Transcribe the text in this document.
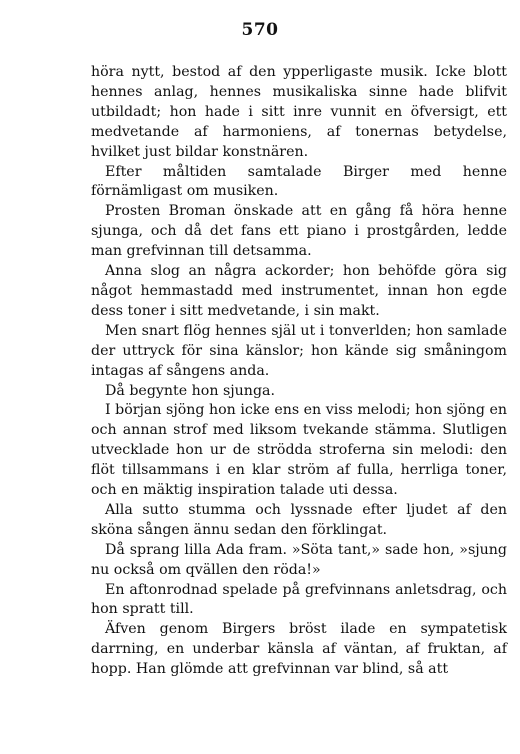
570

höra nytt, bestod af den ypperligaste musik. Icke blott hennes anlag, hennes musikaliska sinne hade blifvit utbildadt; hon hade i sitt inre vunnit en öfversigt, ett medvetande af harmoniens, af tonernas betydelse, hvilket just bildar konstnären.

Efter måltiden samtalade Birger med henne förnämligast om musiken.

Prosten Broman önskade att en gång få höra henne sjunga, och då det fans ett piano i prostgården, ledde man grefvinnan till detsamma.

Anna slog an några ackorder; hon behöfde göra sig något hemmastadd med instrumentet, innan hon egde dess toner i sitt medvetande, i sin makt.

Men snart flög hennes själ ut i tonverlden; hon samlade der uttryck för sina känslor; hon kände sig småningom intagas af sångens anda.

Då begynte hon sjunga.

I början sjöng hon icke ens en viss melodi; hon sjöng en och annan strof med liksom tvekande stämma. Slutligen utvecklade hon ur de strödda stroferna sin melodi: den flöt tillsammans i en klar ström af fulla, herrliga toner, och en mäktig inspiration talade uti dessa.

Alla sutto stumma och lyssnade efter ljudet af den sköna sången ännu sedan den förklingat.

Då sprang lilla Ada fram. »Söta tant,» sade hon, »sjung nu också om qvällen den röda!»

En aftonrodnad spelade på grefvinnans anletsdrag, och hon spratt till.

Äfven genom Birgers bröst ilade en sympatetisk darrning, en underbar känsla af väntan, af fruktan, af hopp. Han glömde att grefvinnan var blind, så att
